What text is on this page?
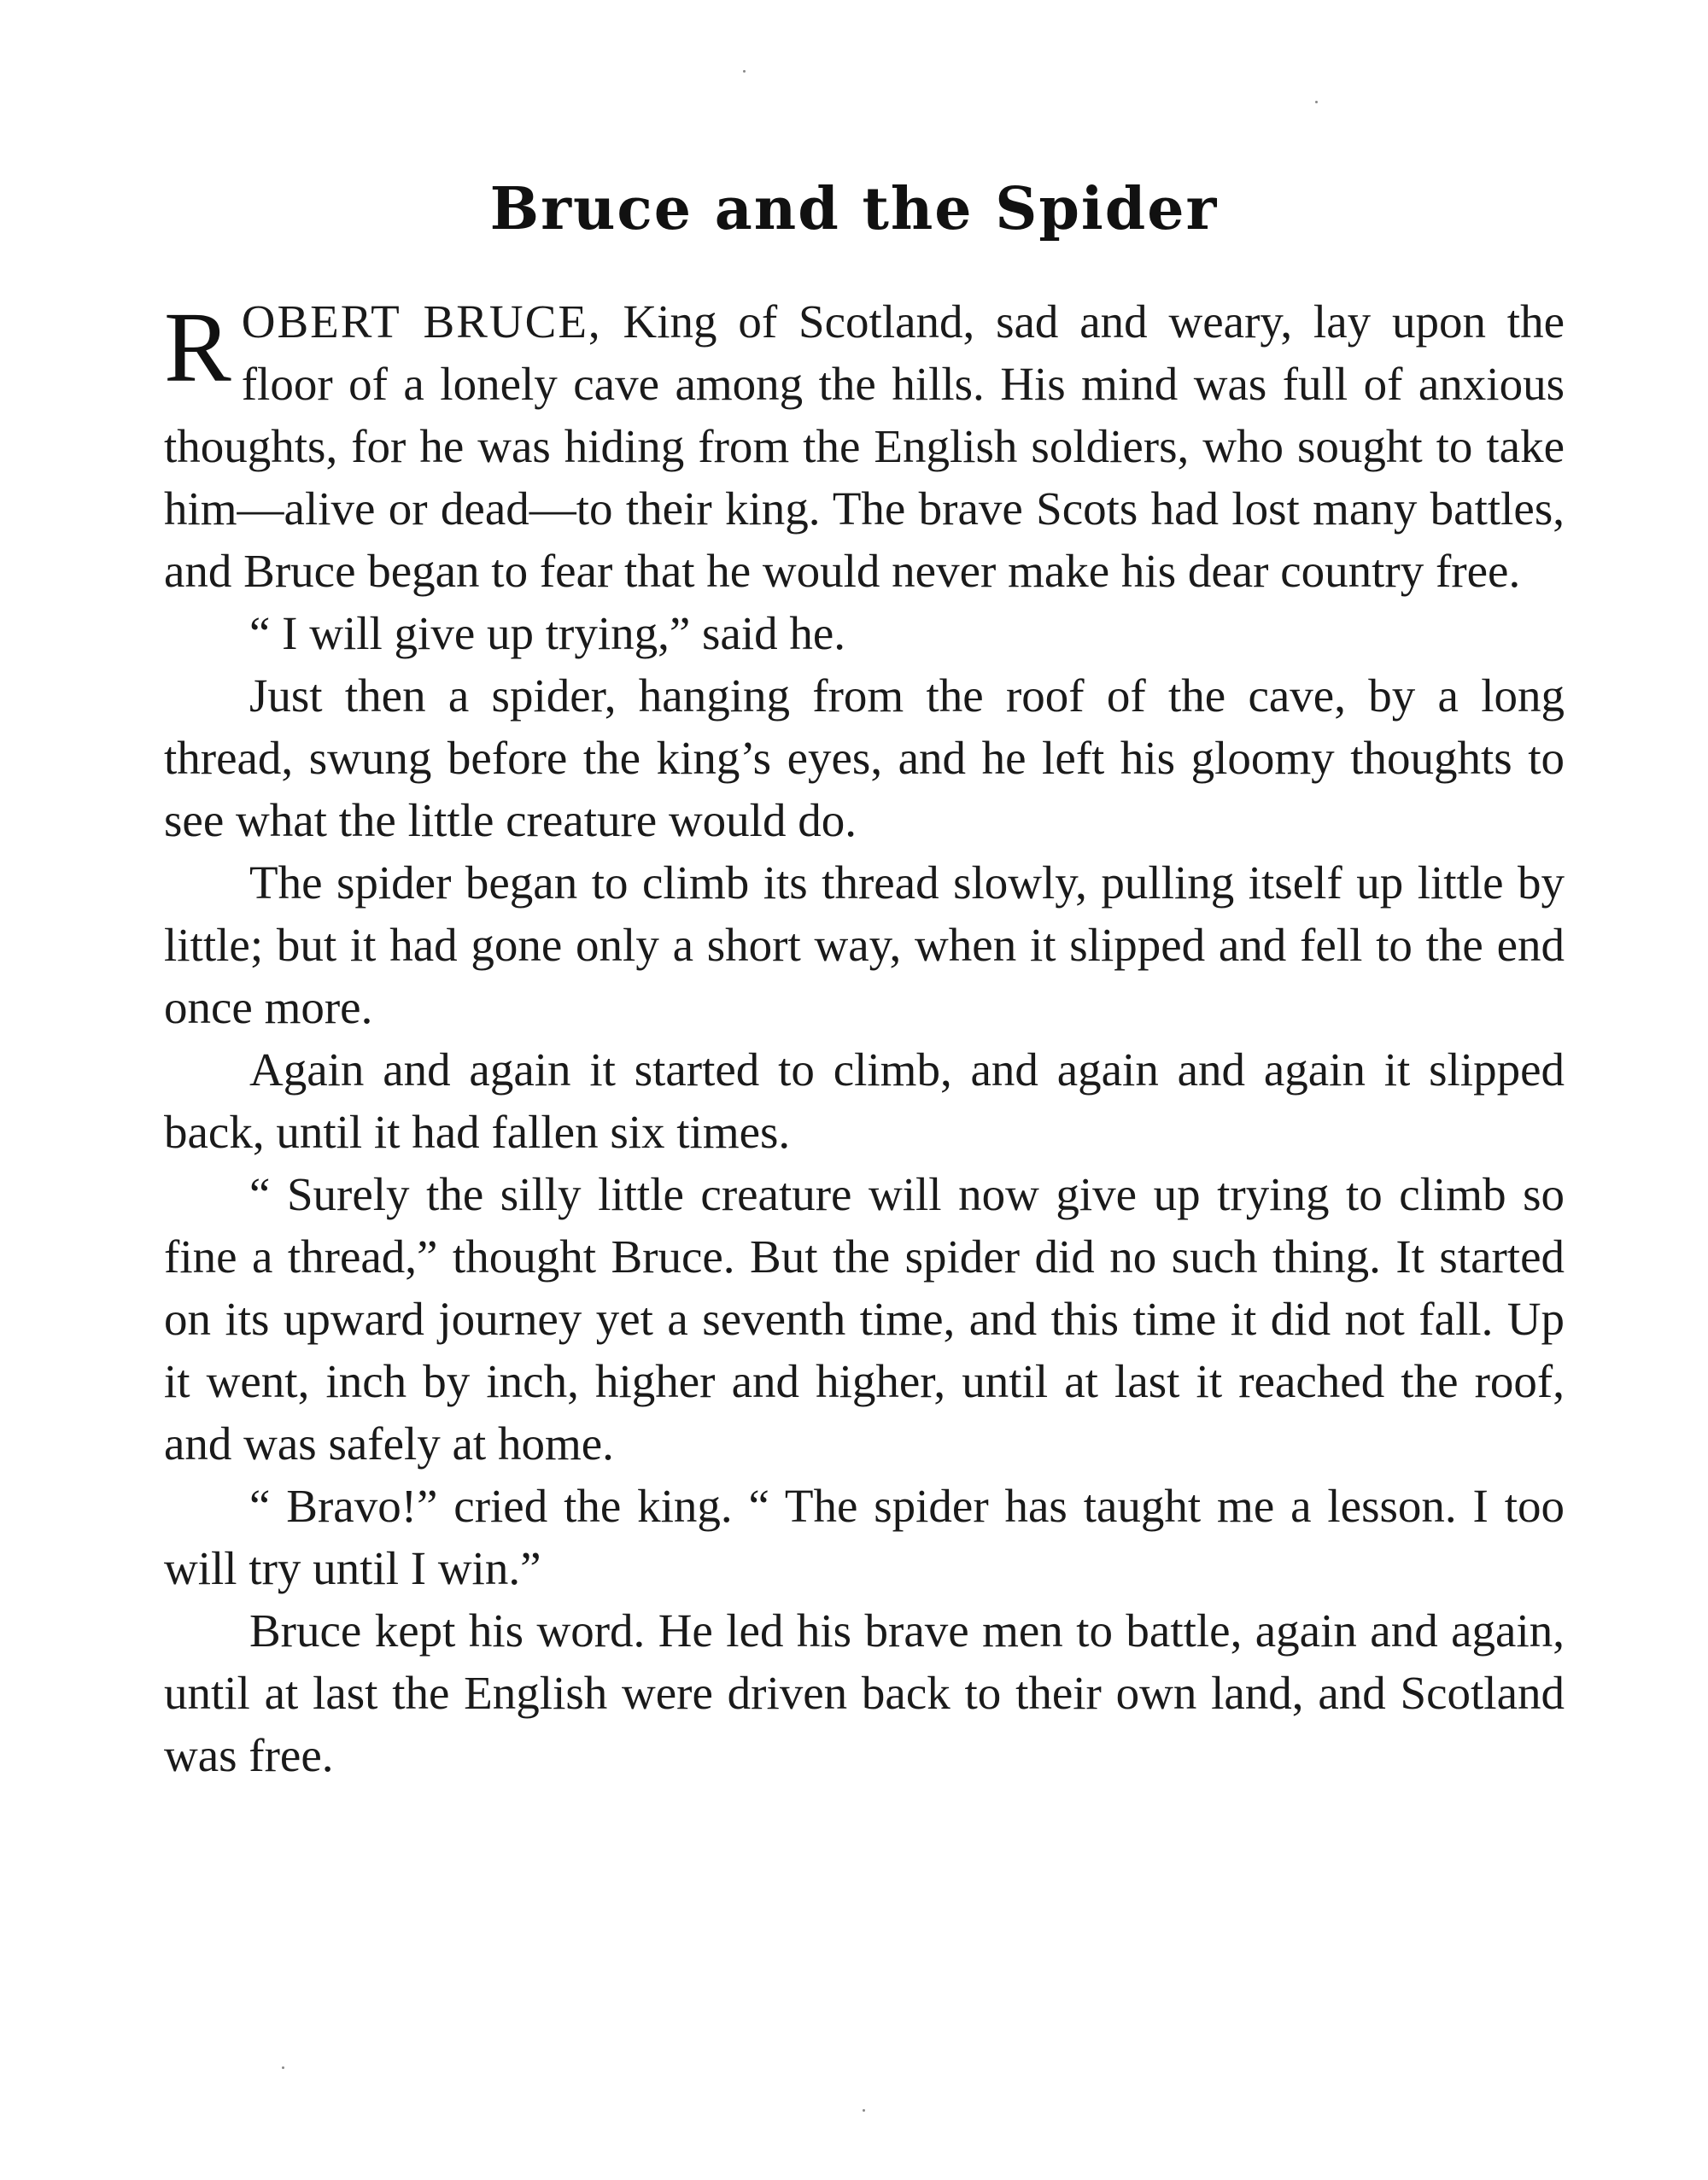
Bruce and the Spider

ROBERT BRUCE, King of Scotland, sad and weary, lay upon the floor of a lonely cave among the hills. His mind was full of anxious thoughts, for he was hiding from the English soldiers, who sought to take him—alive or dead—to their king. The brave Scots had lost many battles, and Bruce began to fear that he would never make his dear country free.

“ I will give up trying,” said he.

Just then a spider, hanging from the roof of the cave, by a long thread, swung before the king’s eyes, and he left his gloomy thoughts to see what the little creature would do.

The spider began to climb its thread slowly, pulling itself up little by little; but it had gone only a short way, when it slipped and fell to the end once more.

Again and again it started to climb, and again and again it slipped back, until it had fallen six times.

“ Surely the silly little creature will now give up trying to climb so fine a thread,” thought Bruce. But the spider did no such thing. It started on its upward journey yet a seventh time, and this time it did not fall. Up it went, inch by inch, higher and higher, until at last it reached the roof, and was safely at home.

“ Bravo!” cried the king. “ The spider has taught me a lesson. I too will try until I win.”

Bruce kept his word. He led his brave men to battle, again and again, until at last the English were driven back to their own land, and Scotland was free.
